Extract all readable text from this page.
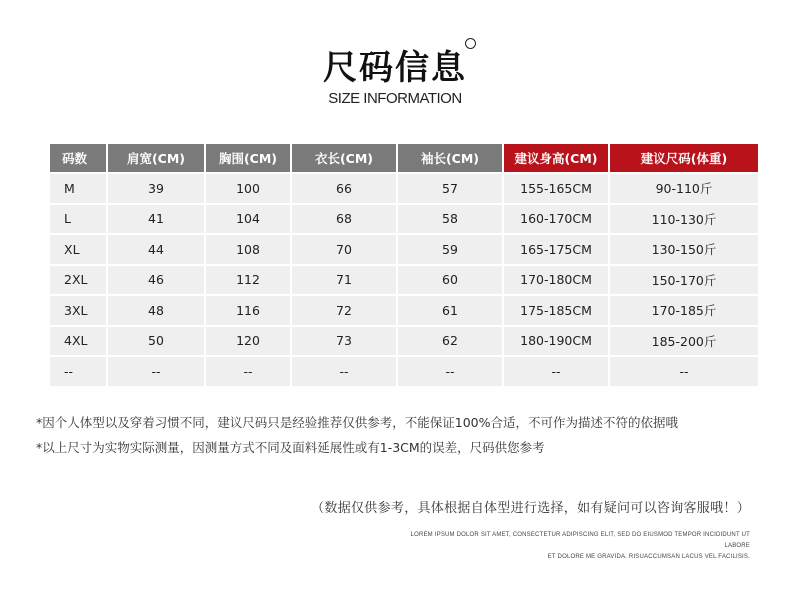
尺码信息
SIZE INFORMATION
码数	肩宽(CM)	胸围(CM)	衣长(CM)	袖长(CM)	建议身高(CM)	建议尺码(体重)
M	39	100	66	57	155-165CM	90-110斤
L	41	104	68	58	160-170CM	110-130斤
XL	44	108	70	59	165-175CM	130-150斤
2XL	46	112	71	60	170-180CM	150-170斤
3XL	48	116	72	61	175-185CM	170-185斤
4XL	50	120	73	62	180-190CM	185-200斤
--	--	--	--	--	--	--
*因个人体型以及穿着习惯不同，建议尺码只是经验推荐仅供参考，不能保证100%合适，不可作为描述不符的依据哦
*以上尺寸为实物实际测量，因测量方式不同及面料延展性或有1-3CM的误差，尺码供您参考
（数据仅供参考，具体根据自体型进行选择，如有疑问可以咨询客服哦！）
LOREM IPSUM DOLOR SIT AMET, CONSECTETUR ADIPISCING ELIT, SED DO EIUSMOD TEMPOR INCIDIDUNT UT LABORE
ET DOLORE ME GRAVIDA. RISUACCUMSAN LACUS VEL FACILISIS.
